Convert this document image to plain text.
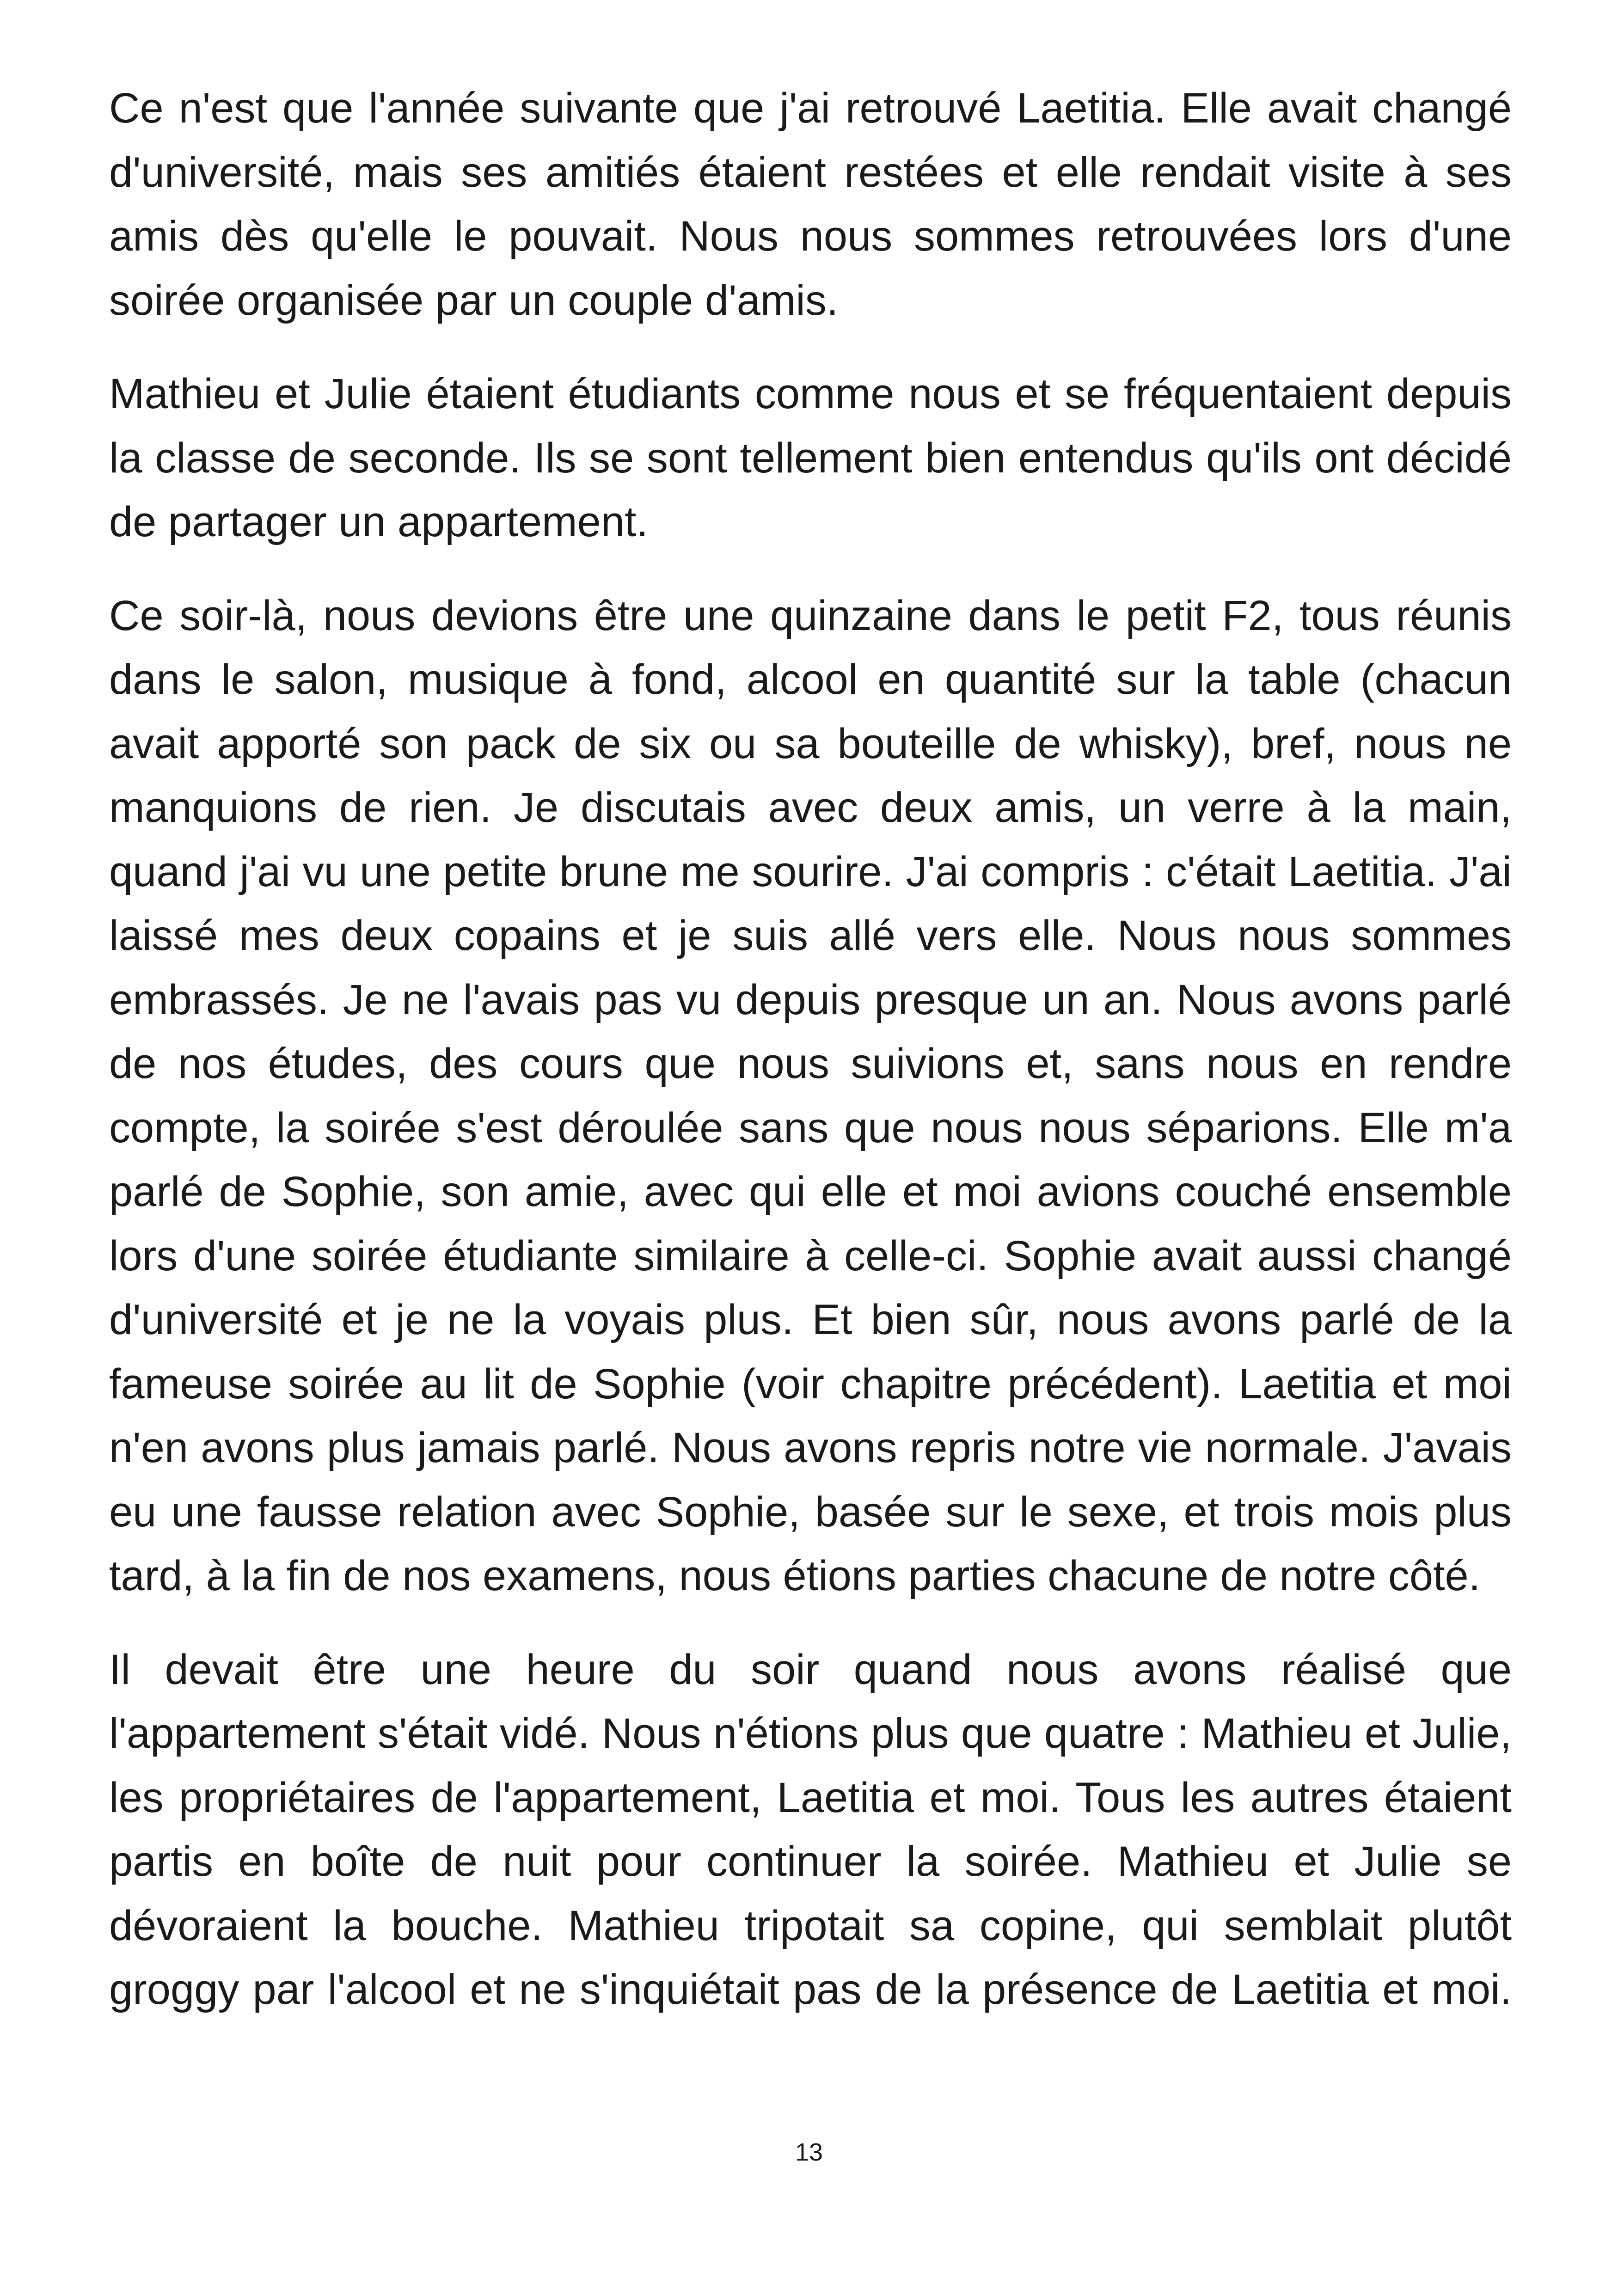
Ce n'est que l'année suivante que j'ai retrouvé Laetitia. Elle avait changé d'université, mais ses amitiés étaient restées et elle rendait visite à ses amis dès qu'elle le pouvait. Nous nous sommes retrouvées lors d'une soirée organisée par un couple d'amis.

Mathieu et Julie étaient étudiants comme nous et se fréquentaient depuis la classe de seconde. Ils se sont tellement bien entendus qu'ils ont décidé de partager un appartement.

Ce soir-là, nous devions être une quinzaine dans le petit F2, tous réunis dans le salon, musique à fond, alcool en quantité sur la table (chacun avait apporté son pack de six ou sa bouteille de whisky), bref, nous ne manquions de rien. Je discutais avec deux amis, un verre à la main, quand j'ai vu une petite brune me sourire. J'ai compris : c'était Laetitia. J'ai laissé mes deux copains et je suis allé vers elle. Nous nous sommes embrassés. Je ne l'avais pas vu depuis presque un an. Nous avons parlé de nos études, des cours que nous suivions et, sans nous en rendre compte, la soirée s'est déroulée sans que nous nous séparions. Elle m'a parlé de Sophie, son amie, avec qui elle et moi avions couché ensemble lors d'une soirée étudiante similaire à celle-ci. Sophie avait aussi changé d'université et je ne la voyais plus. Et bien sûr, nous avons parlé de la fameuse soirée au lit de Sophie (voir chapitre précédent). Laetitia et moi n'en avons plus jamais parlé. Nous avons repris notre vie normale. J'avais eu une fausse relation avec Sophie, basée sur le sexe, et trois mois plus tard, à la fin de nos examens, nous étions parties chacune de notre côté.

Il devait être une heure du soir quand nous avons réalisé que l'appartement s'était vidé. Nous n'étions plus que quatre : Mathieu et Julie, les propriétaires de l'appartement, Laetitia et moi. Tous les autres étaient partis en boîte de nuit pour continuer la soirée. Mathieu et Julie se dévoraient la bouche. Mathieu tripotait sa copine, qui semblait plutôt groggy par l'alcool et ne s'inquiétait pas de la présence de Laetitia et moi.

13
